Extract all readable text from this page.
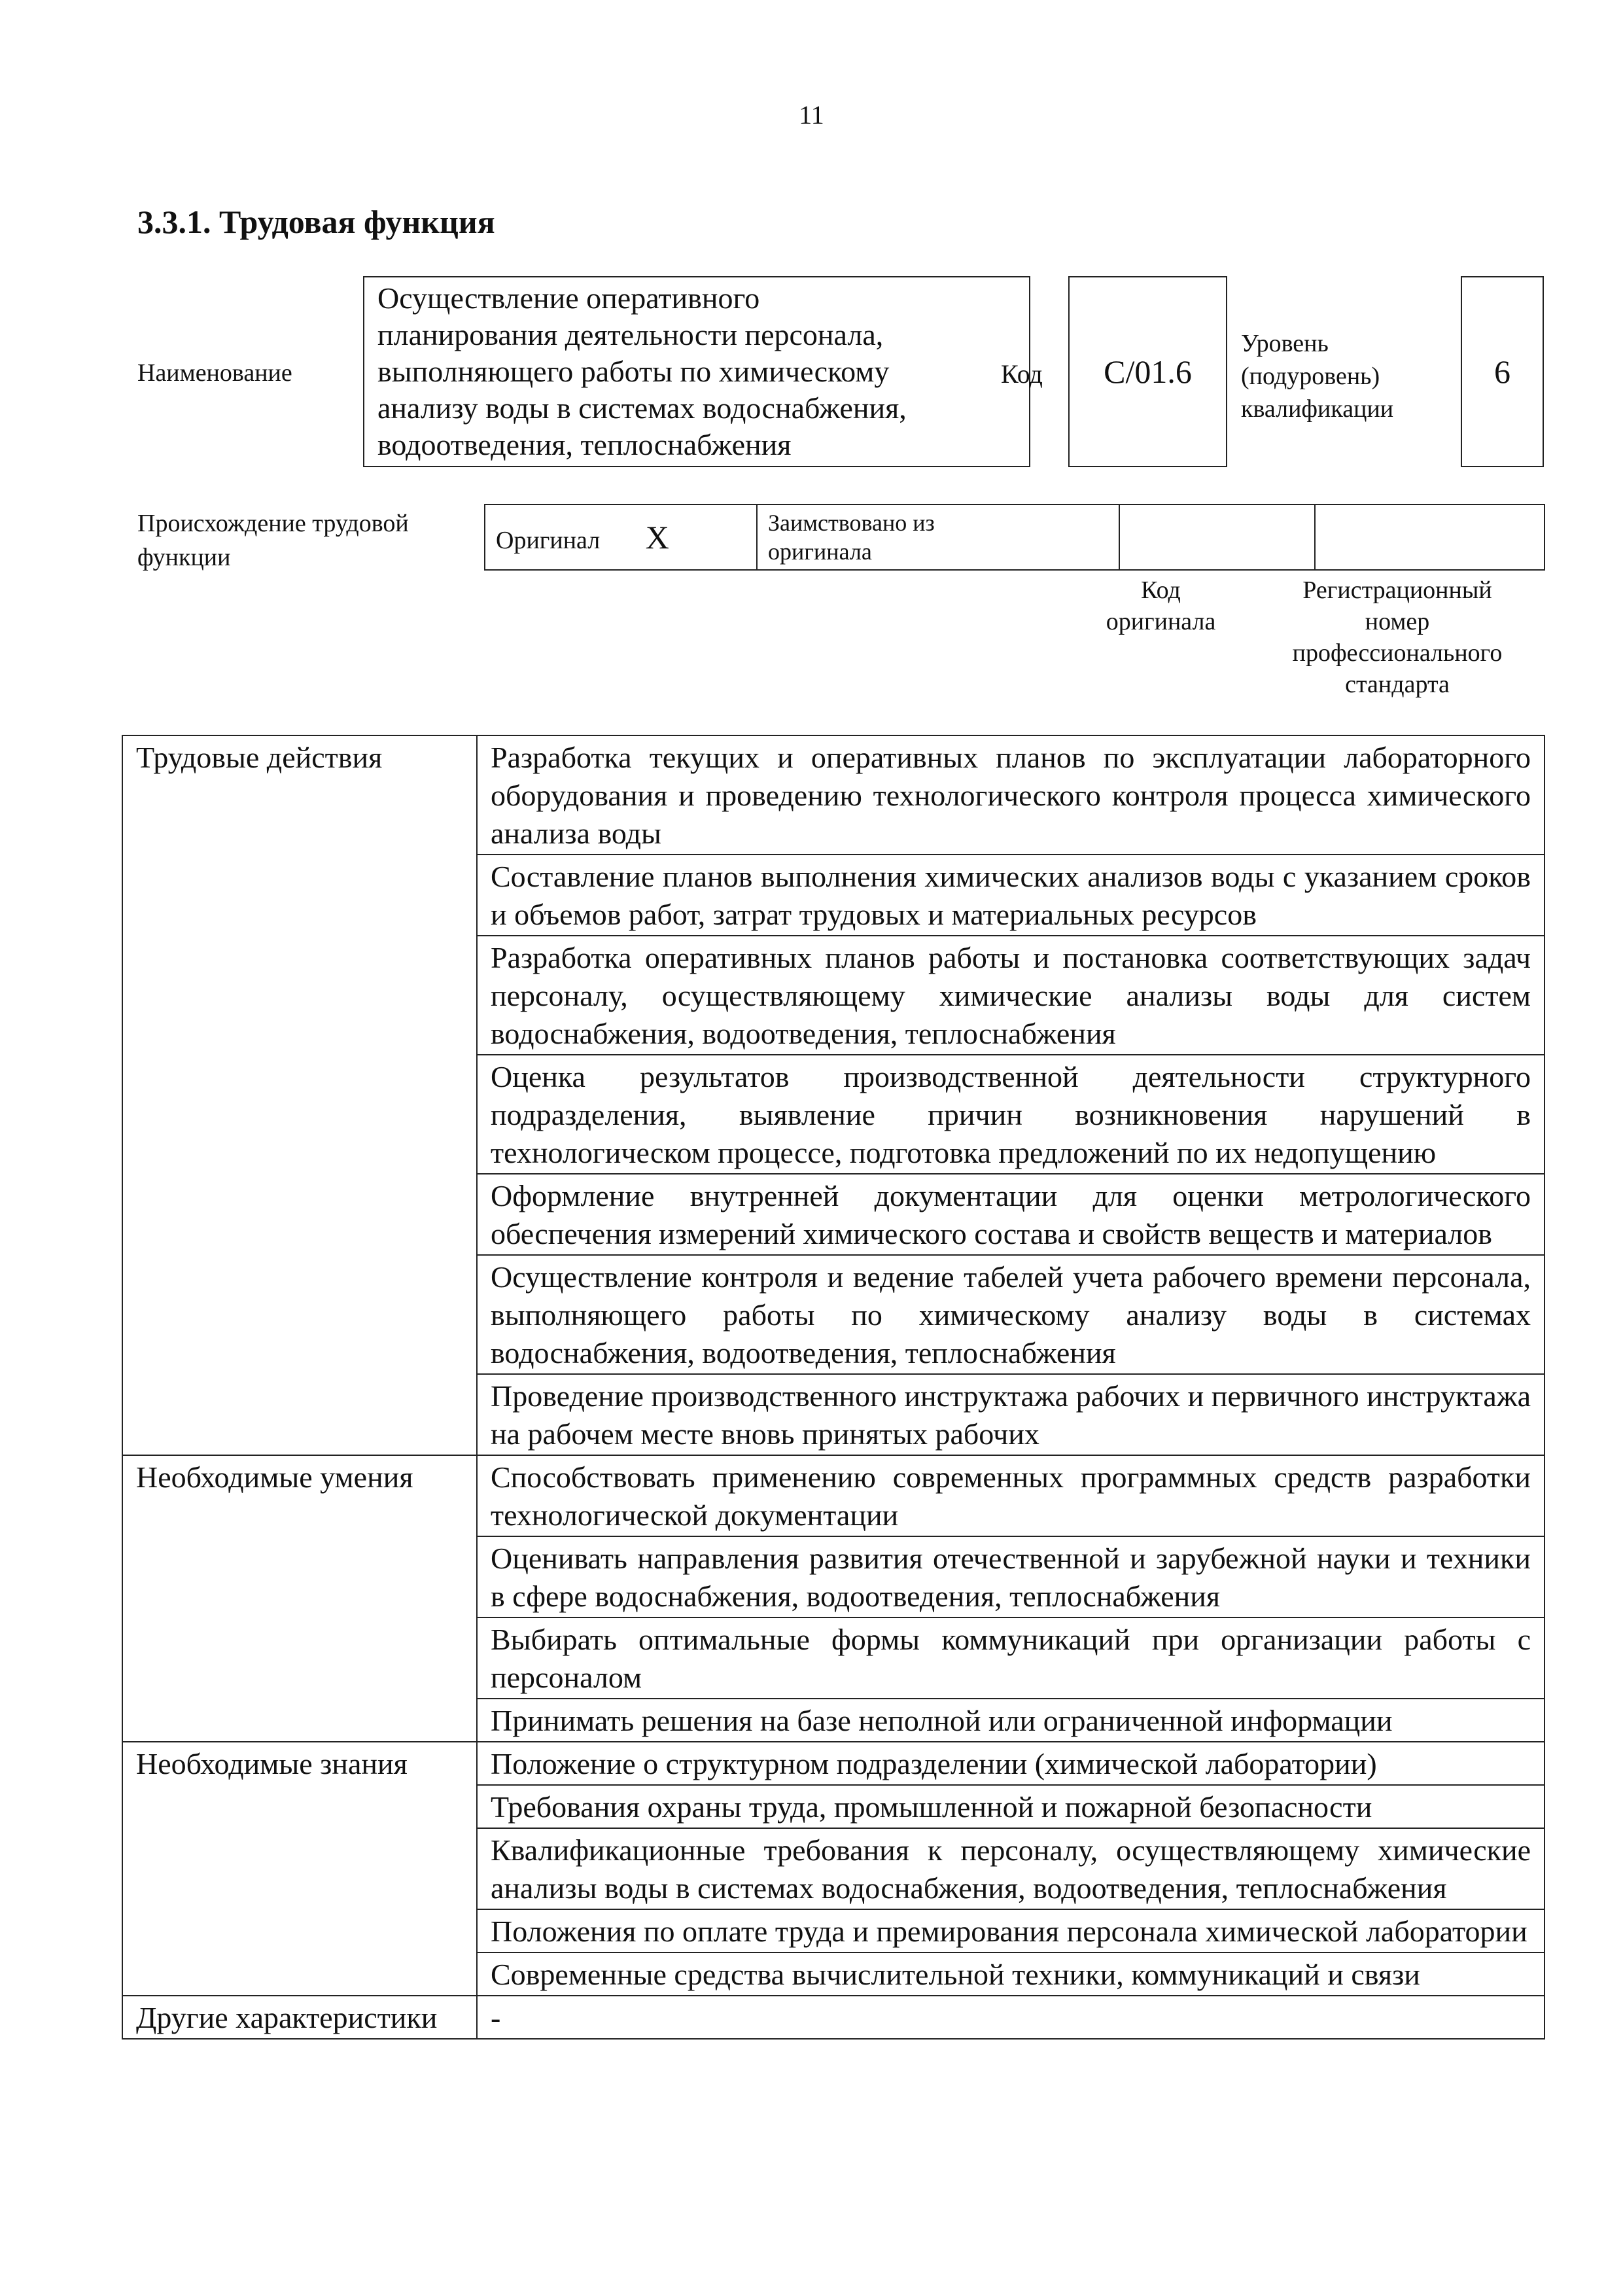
11
3.3.1. Трудовая функция
Наименование
Осуществление оперативного
планирования деятельности персонала,
выполняющего работы по химическому
анализу воды в системах водоснабжения,
водоотведения, теплоснабжения
Код	C/01.6
Уровень
(подуровень)
квалификации
6
Происхождение трудовой
функции
Оригинал X	Заимствовано из
оригинала

Код
оригинала
Регистрационный
номер
профессионального
стандарта
Трудовые действия	Разработка текущих и оперативных планов по эксплуатации лабораторного оборудования и проведению технологического контроля процесса химического анализа воды
	Составление планов выполнения химических анализов воды с указанием сроков и объемов работ, затрат трудовых и материальных ресурсов
	Разработка оперативных планов работы и постановка соответствующих задач персоналу, осуществляющему химические анализы воды для систем водоснабжения, водоотведения, теплоснабжения
	Оценка результатов производственной деятельности структурного подразделения, выявление причин возникновения нарушений в технологическом процессе, подготовка предложений по их недопущению
	Оформление внутренней документации для оценки метрологического обеспечения измерений химического состава и свойств веществ и материалов
	Осуществление контроля и ведение табелей учета рабочего времени персонала, выполняющего работы по химическому анализу воды в системах водоснабжения, водоотведения, теплоснабжения
	Проведение производственного инструктажа рабочих и первичного инструктажа на рабочем месте вновь принятых рабочих
Необходимые умения	Способствовать применению современных программных средств разработки технологической документации
	Оценивать направления развития отечественной и зарубежной науки и техники в сфере водоснабжения, водоотведения, теплоснабжения
	Выбирать оптимальные формы коммуникаций при организации работы с персоналом
	Принимать решения на базе неполной или ограниченной информации
Необходимые знания	Положение о структурном подразделении (химической лаборатории)
	Требования охраны труда, промышленной и пожарной безопасности
	Квалификационные требования к персоналу, осуществляющему химические анализы воды в системах водоснабжения, водоотведения, теплоснабжения
	Положения по оплате труда и премирования персонала химической лаборатории
	Современные средства вычислительной техники, коммуникаций и связи
Другие характеристики	-
